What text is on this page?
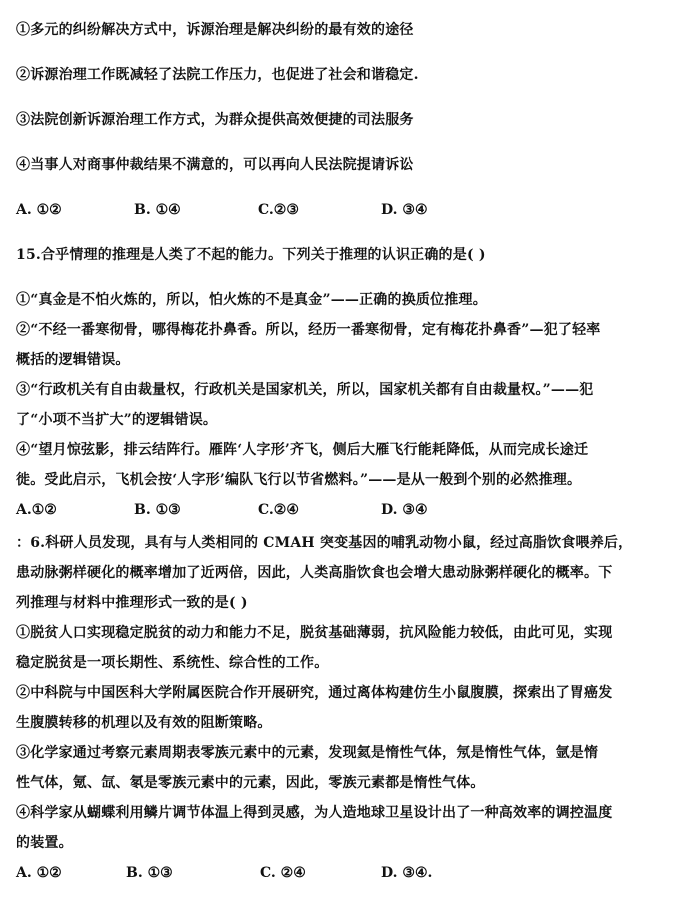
①多元的纠纷解决方式中，诉源治理是解决纠纷的最有效的途径
②诉源治理工作既减轻了法院工作压力，也促进了社会和谐稳定.
③法院创新诉源治理工作方式，为群众提供高效便捷的司法服务
④当事人对商事仲裁结果不满意的，可以再向人民法院提请诉讼
A. ①②	B. ①④	C.②③	D. ③④
15.合乎情理的推理是人类了不起的能力。下列关于推理的认识正确的是( )
①“真金是不怕火炼的，所以，怕火炼的不是真金”——正确的换质位推理。
②“不经一番寒彻骨，哪得梅花扑鼻香。所以，经历一番寒彻骨，定有梅花扑鼻香”—犯了轻率
概括的逻辑错误。
③“行政机关有自由裁量权，行政机关是国家机关，所以，国家机关都有自由裁量权。”——犯
了“小项不当扩大”的逻辑错误。
④“望月惊弦影，排云结阵行。雁阵‘人字形’齐飞，侧后大雁飞行能耗降低，从而完成长途迁
徙。受此启示，飞机会按‘人字形’编队飞行以节省燃料。”——是从一般到个别的必然推理。
A.①②	B. ①③	C.②④	D. ③④
：6.科研人员发现，具有与人类相同的 CMAH 突变基因的哺乳动物小鼠，经过高脂饮食喂养后，
患动脉粥样硬化的概率增加了近两倍，因此，人类高脂饮食也会增大患动脉粥样硬化的概率。下
列推理与材料中推理形式一致的是( )
①脱贫人口实现稳定脱贫的动力和能力不足，脱贫基础薄弱，抗风险能力较低，由此可见，实现
稳定脱贫是一项长期性、系统性、综合性的工作。
②中科院与中国医科大学附属医院合作开展研究，通过离体构建仿生小鼠腹膜，探索出了胃癌发
生腹膜转移的机理以及有效的阻断策略。
③化学家通过考察元素周期表零族元素中的元素，发现氦是惰性气体，氖是惰性气体，氩是惰
性气体，氪、氙、氡是零族元素中的元素，因此，零族元素都是惰性气体。
④科学家从蝴蝶利用鳞片调节体温上得到灵感，为人造地球卫星设计出了一种高效率的调控温度
的装置。
A. ①②	B. ①③	C. ②④	D. ③④.
